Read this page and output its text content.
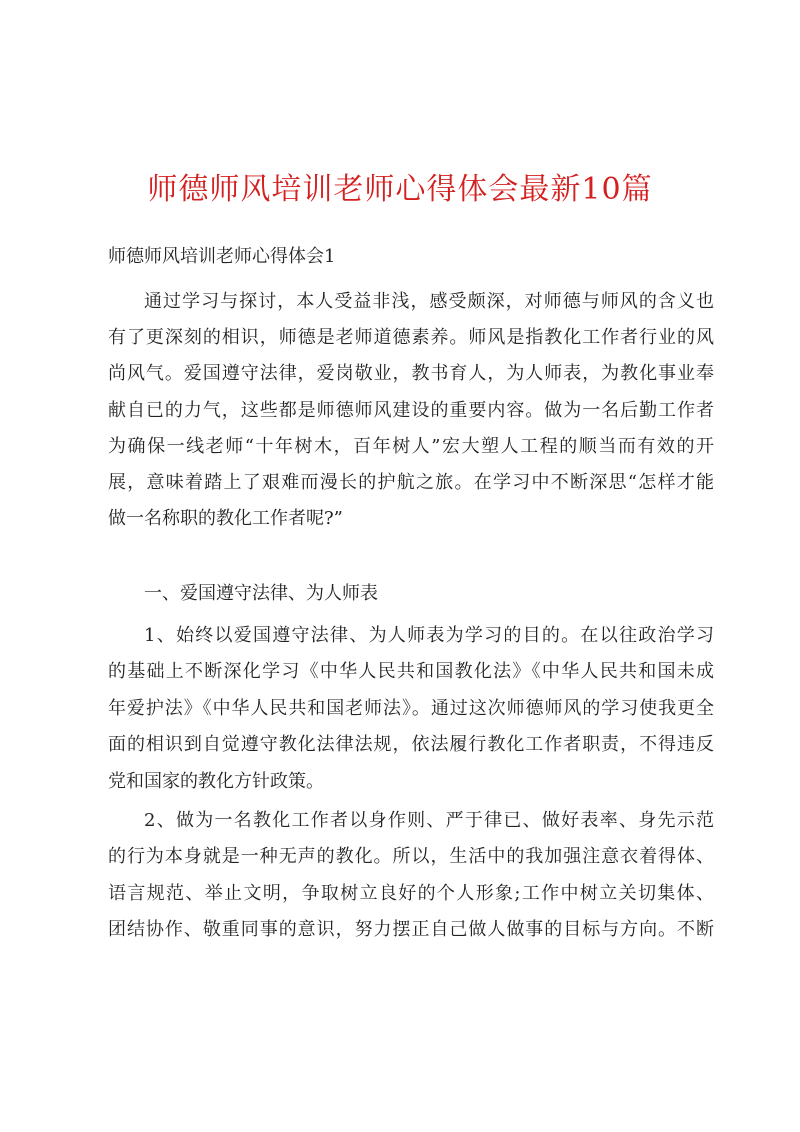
师德师风培训老师心得体会最新10篇

师德师风培训老师心得体会1

通过学习与探讨，本人受益非浅，感受颇深，对师德与师风的含义也
有了更深刻的相识，师德是老师道德素养。师风是指教化工作者行业的风
尚风气。爱国遵守法律，爱岗敬业，教书育人，为人师表，为教化事业奉
献自已的力气，这些都是师德师风建设的重要内容。做为一名后勤工作者
为确保一线老师“十年树木，百年树人”宏大塑人工程的顺当而有效的开
展，意味着踏上了艰难而漫长的护航之旅。在学习中不断深思“怎样才能
做一名称职的教化工作者呢?”

一、爱国遵守法律、为人师表

1、始终以爱国遵守法律、为人师表为学习的目的。在以往政治学习
的基础上不断深化学习《中华人民共和国教化法》《中华人民共和国未成
年爱护法》《中华人民共和国老师法》。通过这次师德师风的学习使我更全
面的相识到自觉遵守教化法律法规，依法履行教化工作者职责，不得违反
党和国家的教化方针政策。

2、做为一名教化工作者以身作则、严于律已、做好表率、身先示范
的行为本身就是一种无声的教化。所以，生活中的我加强注意衣着得体、
语言规范、举止文明，争取树立良好的个人形象;工作中树立关切集体、
团结协作、敬重同事的意识，努力摆正自己做人做事的目标与方向。不断
